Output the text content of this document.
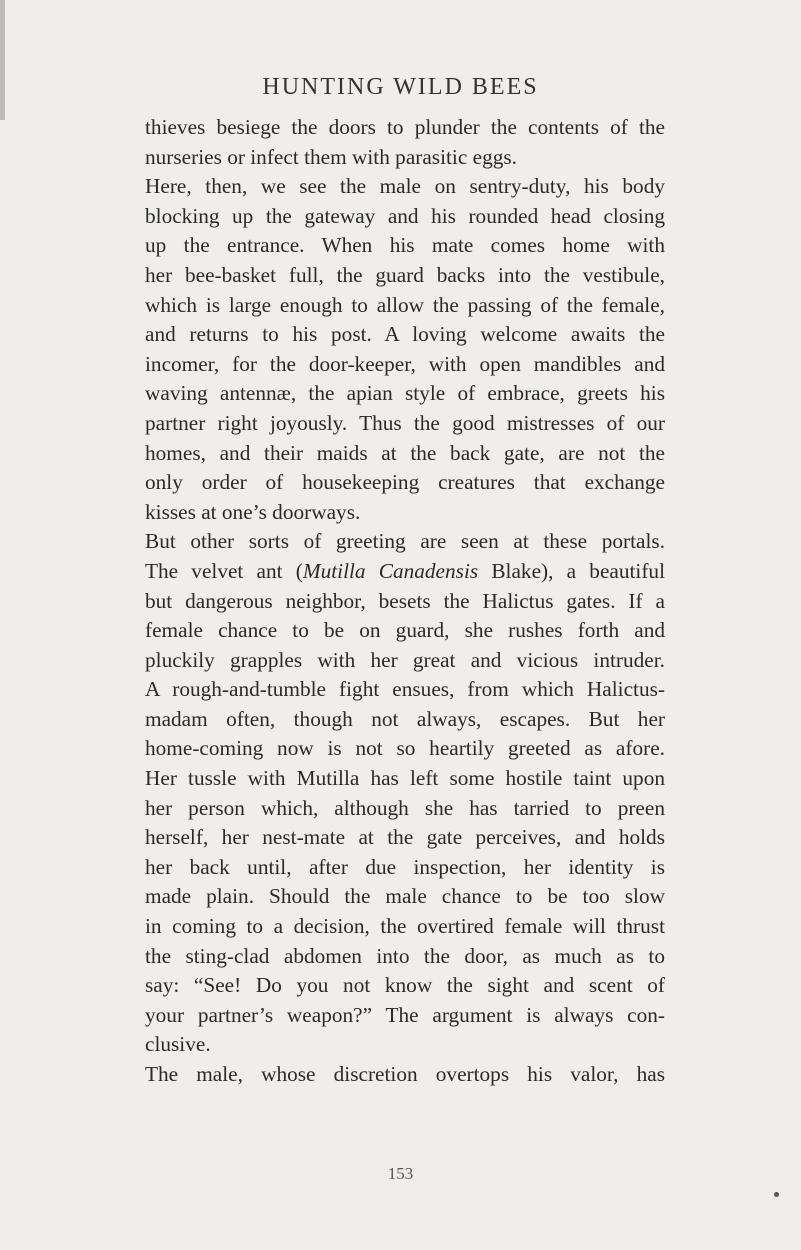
HUNTING WILD BEES
thieves besiege the doors to plunder the contents of the
nurseries or infect them with parasitic eggs.
Here, then, we see the male on sentry-duty, his body
blocking up the gateway and his rounded head closing
up the entrance. When his mate comes home with
her bee-basket full, the guard backs into the vestibule,
which is large enough to allow the passing of the female,
and returns to his post. A loving welcome awaits the
incomer, for the door-keeper, with open mandibles and
waving antennæ, the apian style of embrace, greets his
partner right joyously. Thus the good mistresses of our
homes, and their maids at the back gate, are not the
only order of housekeeping creatures that exchange
kisses at one’s doorways.
But other sorts of greeting are seen at these portals.
The velvet ant (Mutilla Canadensis Blake), a beautiful
but dangerous neighbor, besets the Halictus gates. If a
female chance to be on guard, she rushes forth and
pluckily grapples with her great and vicious intruder.
A rough-and-tumble fight ensues, from which Halictus-
madam often, though not always, escapes. But her
home-coming now is not so heartily greeted as afore.
Her tussle with Mutilla has left some hostile taint upon
her person which, although she has tarried to preen
herself, her nest-mate at the gate perceives, and holds
her back until, after due inspection, her identity is
made plain. Should the male chance to be too slow
in coming to a decision, the overtired female will thrust
the sting-clad abdomen into the door, as much as to
say: “See! Do you not know the sight and scent of
your partner’s weapon?” The argument is always con-
clusive.
The male, whose discretion overtops his valor, has
153
